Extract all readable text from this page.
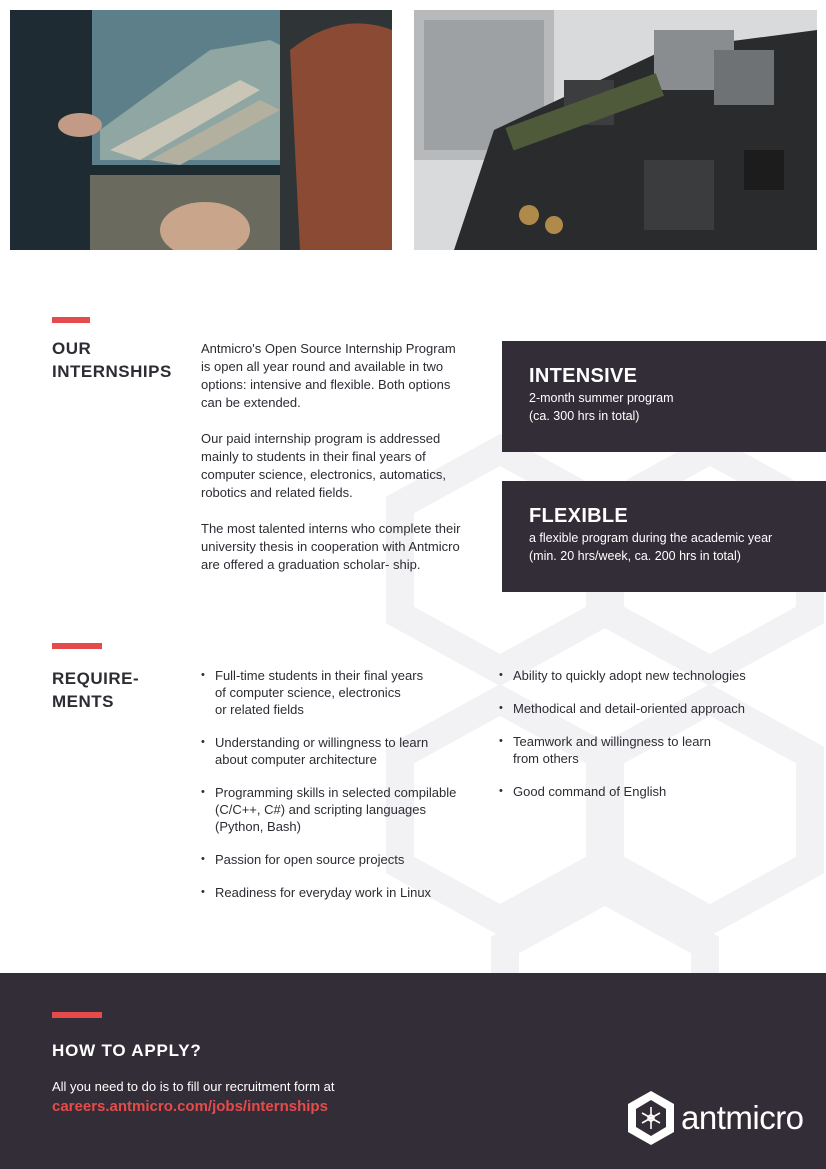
OUR
INTERNSHIPS

Antmicro's Open Source Internship Program is open all year round and available in two options: intensive and flexible. Both options can be extended.

Our paid internship program is addressed mainly to students in their final years of computer science, electronics, automatics, robotics and related fields.

The most talented interns who complete their university thesis in cooperation with Antmicro are offered a graduation scholar- ship.

INTENSIVE
2-month summer program
(ca. 300 hrs in total)
FLEXIBLE
a flexible program during the academic year
(min. 20 hrs/week, ca. 200 hrs in total)
REQUIRE-
MENTS
• Full-time students in their final years
of computer science, electronics
or related fields
• Understanding or willingness to learn
about computer architecture
• Programming skills in selected compilable
(C/C++, C#) and scripting languages
(Python, Bash)
• Passion for open source projects
• Readiness for everyday work in Linux
• Ability to quickly adopt new technologies
• Methodical and detail-oriented approach
• Teamwork and willingness to learn
from others
• Good command of English
HOW TO APPLY?
All you need to do is to fill our recruitment form at
careers.antmicro.com/jobs/internships	antmicro
